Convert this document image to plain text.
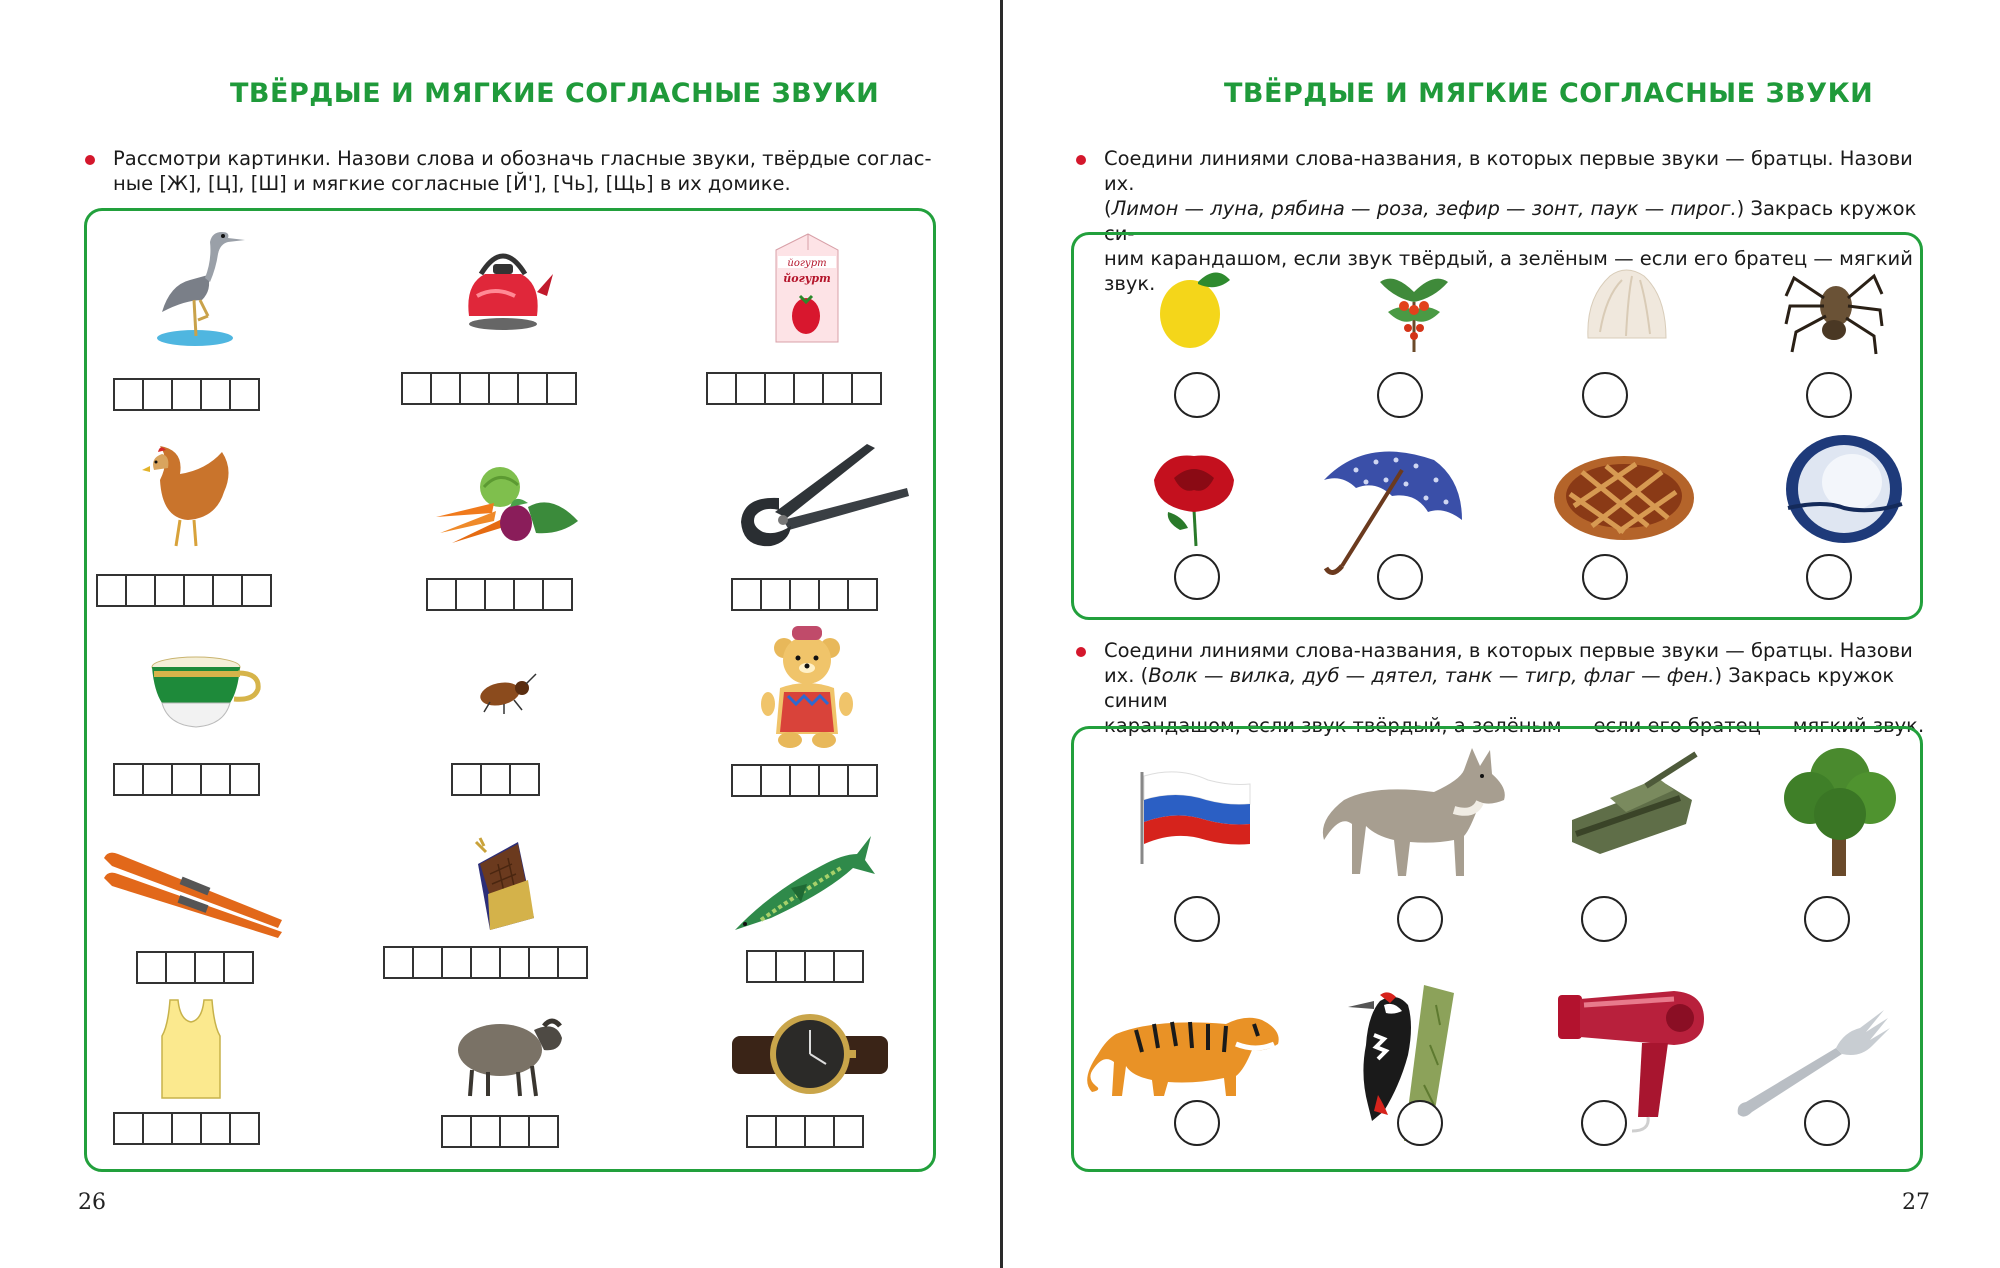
ТВЁРДЫЕ И МЯГКИЕ СОГЛАСНЫЕ ЗВУКИ
Рассмотри картинки. Назови слова и обозначь гласные звуки, твёрдые соглас-
ные [Ж], [Ц], [Ш] и мягкие согласные [Й'], [Чь], [Щь] в их домике.
йогурт
йогурт
26
ТВЁРДЫЕ И МЯГКИЕ СОГЛАСНЫЕ ЗВУКИ
Соедини линиями слова-названия, в которых первые звуки — братцы. Назови их.
(Лимон — луна, рябина — роза, зефир — зонт, паук — пирог.) Закрась кружок си-
ним карандашом, если звук твёрдый, а зелёным — если его братец — мягкий звук.
Соедини линиями слова-названия, в которых первые звуки — братцы. Назови
их. (Волк — вилка, дуб — дятел, танк — тигр, флаг — фен.) Закрась кружок синим
карандашом, если звук твёрдый, а зелёным — если его братец — мягкий звук.
27
